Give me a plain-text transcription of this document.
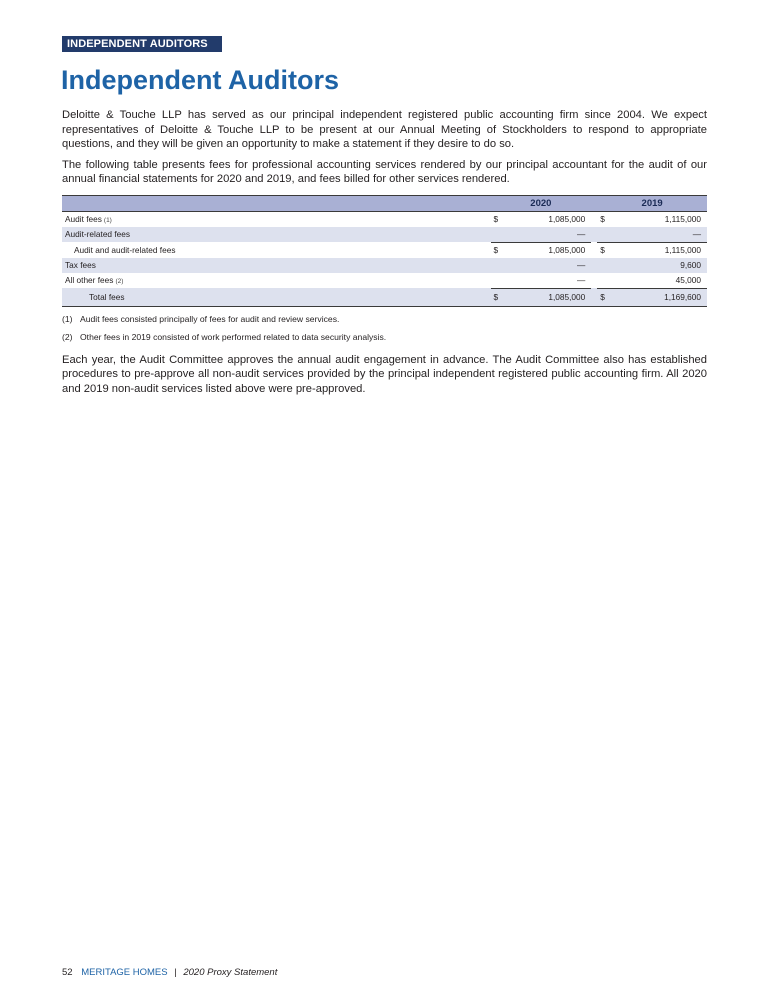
INDEPENDENT AUDITORS
Independent Auditors

Deloitte & Touche LLP has served as our principal independent registered public accounting firm since 2004. We expect representatives of Deloitte & Touche LLP to be present at our Annual Meeting of Stockholders to respond to appropriate questions, and they will be given an opportunity to make a statement if they desire to do so.

The following table presents fees for professional accounting services rendered by our principal accountant for the audit of our annual financial statements for 2020 and 2019, and fees billed for other services rendered.

	2020			2019	
Audit fees (1)	$	1,085,000		$	1,115,000
Audit-related fees		—			—
Audit and audit-related fees	$	1,085,000		$	1,115,000
Tax fees		—			9,600
All other fees (2)		—			45,000
Total fees	$	1,085,000		$	1,169,600
(1) Audit fees consisted principally of fees for audit and review services.
(2) Other fees in 2019 consisted of work performed related to data security analysis.

Each year, the Audit Committee approves the annual audit engagement in advance. The Audit Committee also has established procedures to pre-approve all non-audit services provided by the principal independent registered public accounting firm. All 2020 and 2019 non-audit services listed above were pre-approved.

52 MERITAGE HOMES | 2020 Proxy Statement
